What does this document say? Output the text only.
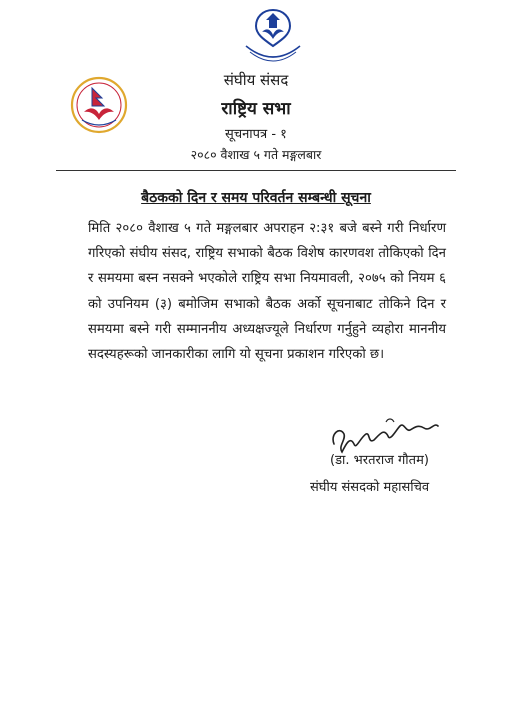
संघीय संसद
राष्ट्रिय सभा
सूचनापत्र - १
२०८० वैशाख ५ गते मङ्गलबार
बैठकको दिन र समय परिवर्तन सम्बन्धी सूचना
मिति २०८० वैशाख ५ गते मङ्गलबार अपराहन २:३१ बजे बस्ने गरी निर्धारण गरिएको संघीय संसद, राष्ट्रिय सभाको बैठक विशेष कारणवश तोकिएको दिन र समयमा बस्न नसक्ने भएकोले राष्ट्रिय सभा नियमावली, २०७५ को नियम ६ को उपनियम (३) बमोजिम सभाको बैठक अर्को सूचनाबाट तोकिने दिन र समयमा बस्ने गरी सम्माननीय अध्यक्षज्यूले निर्धारण गर्नुहुने व्यहोरा माननीय सदस्यहरूको जानकारीका लागि यो सूचना प्रकाशन गरिएको छ।
(डा. भरतराज गौतम)
संघीय संसदको महासचिव
